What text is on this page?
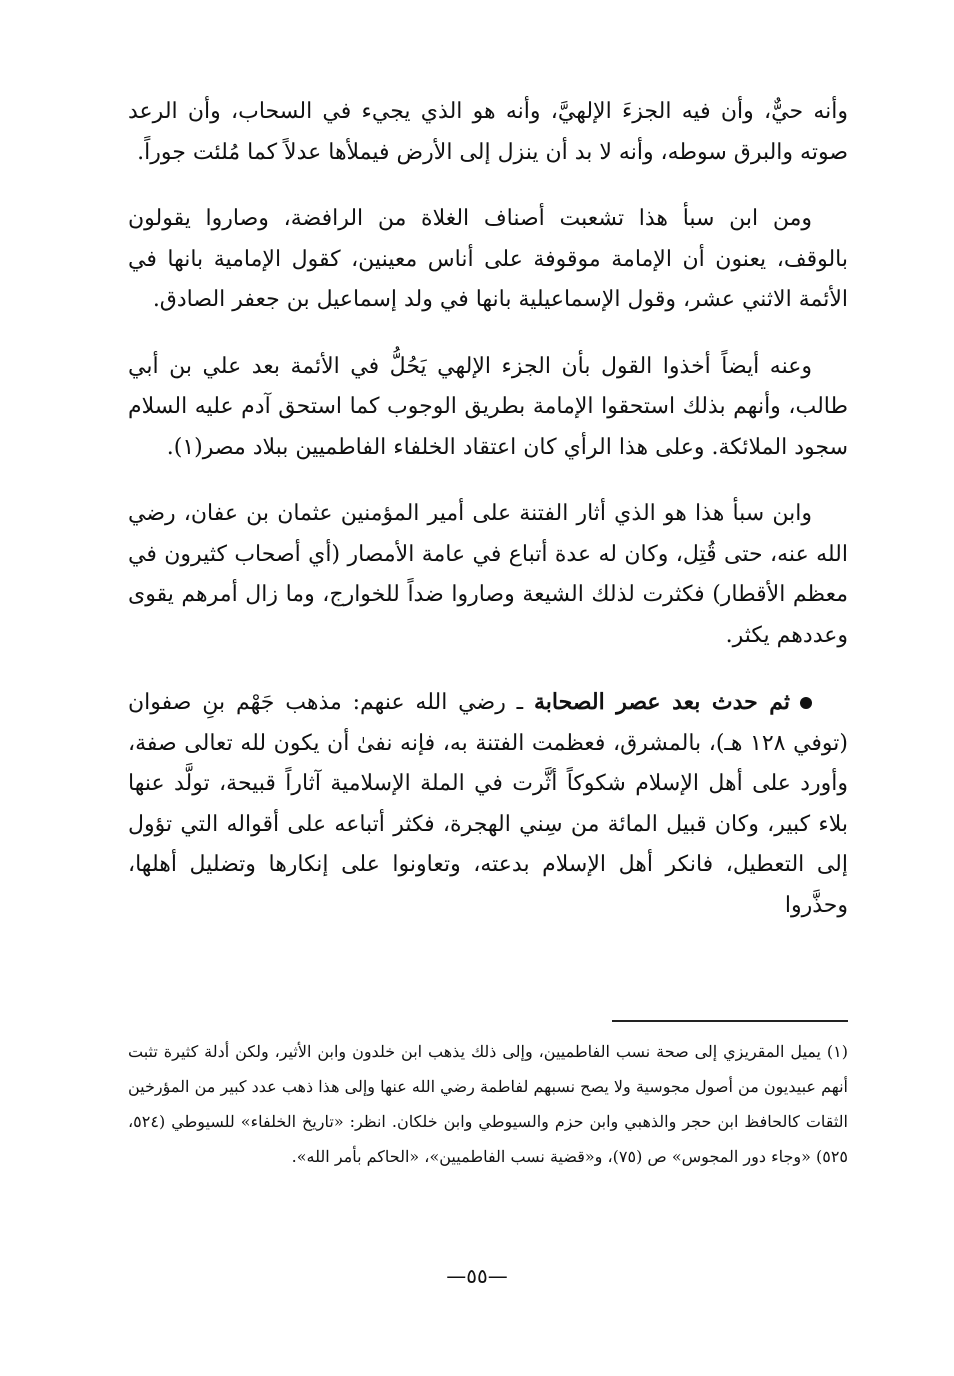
وأنه حيٌّ، وأن فيه الجزءَ الإلهيَّ، وأنه هو الذي يجيء في السحاب، وأن الرعد صوته والبرق سوطه، وأنه لا بد أن ينزل إلى الأرض فيملأها عدلاً كما مُلئت جوراً.

ومن ابن سبأ هذا تشعبت أصناف الغلاة من الرافضة، وصاروا يقولون بالوقف، يعنون أن الإمامة موقوفة على أناس معينين، كقول الإمامية بانها في الأئمة الاثني عشر، وقول الإسماعيلية بانها في ولد إسماعيل بن جعفر الصادق.

وعنه أيضاً أخذوا القول بأن الجزء الإلهي يَحُلُّ في الأئمة بعد علي بن أبي طالب، وأنهم بذلك استحقوا الإمامة بطريق الوجوب كما استحق آدم عليه السلام سجود الملائكة. وعلى هذا الرأي كان اعتقاد الخلفاء الفاطميين ببلاد مصر(١).

وابن سبأ هذا هو الذي أثار الفتنة على أمير المؤمنين عثمان بن عفان، رضي الله عنه، حتى قُتِل، وكان له عدة أتباع في عامة الأمصار (أي أصحاب كثيرون في معظم الأقطار) فكثرت لذلك الشيعة وصاروا ضداً للخوارج، وما زال أمرهم يقوى وعددهم يكثر.

ثم حدث بعد عصر الصحابة ـ رضي الله عنهم: مذهب جَهْم بنِ صفوان (توفي ١٢٨ هـ)، بالمشرق، فعظمت الفتنة به، فإنه نفىٰ أن يكون لله تعالى صفة، وأورد على أهل الإسلام شكوكاً أثَّرت في الملة الإسلامية آثاراً قبيحة، تولَّد عنها بلاء كبير، وكان قبيل المائة من سِني الهجرة، فكثر أتباعه على أقواله التي تؤول إلى التعطيل، فانكر أهل الإسلام بدعته، وتعاونوا على إنكارها وتضليل أهلها، وحذَّروا

(١) يميل المقريزي إلى صحة نسب الفاطميين، وإلى ذلك يذهب ابن خلدون وابن الأثير، ولكن أدلة كثيرة تثبت أنهم عبيديون من أصول مجوسية ولا يصح نسبهم لفاطمة رضي الله عنها وإلى هذا ذهب عدد كبير من المؤرخين الثقات كالحافظ ابن حجر والذهبي وابن حزم والسيوطي وابن خلكان. انظر: «تاريخ الخلفاء» للسيوطي (٥٢٤، ٥٢٥) «وجاء دور المجوس» ص (٧٥)، و«قضية نسب الفاطميين»، «الحاكم بأمر الله».

—٥٥—
